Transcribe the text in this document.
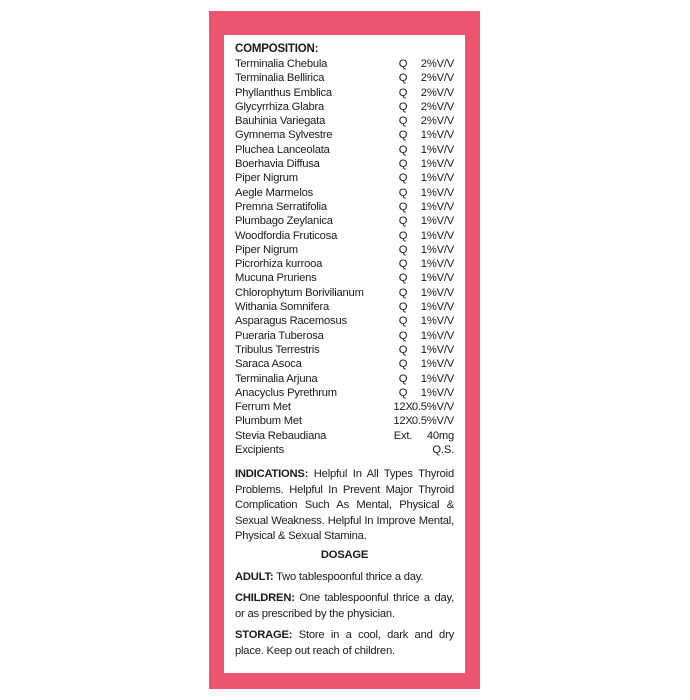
COMPOSITION:
Terminalia Chebula	Q	2%V/V
Terminalia Bellirica	Q	2%V/V
Phyllanthus Emblica	Q	2%V/V
Glycyrrhiza Glabra	Q	2%V/V
Bauhinia Variegata	Q	2%V/V
Gymnema Sylvestre	Q	1%V/V
Pluchea Lanceolata	Q	1%V/V
Boerhavia Diffusa	Q	1%V/V
Piper Nigrum	Q	1%V/V
Aegle Marmelos	Q	1%V/V
Premna Serratifolia	Q	1%V/V
Plumbago Zeylanica	Q	1%V/V
Woodfordia Fruticosa	Q	1%V/V
Piper Nigrum	Q	1%V/V
Picrorhiza kurrooa	Q	1%V/V
Mucuna Pruriens	Q	1%V/V
Chlorophytum Borivilianum	Q	1%V/V
Withania Somnifera	Q	1%V/V
Asparagus Racemosus	Q	1%V/V
Pueraria Tuberosa	Q	1%V/V
Tribulus Terrestris	Q	1%V/V
Saraca Asoca	Q	1%V/V
Terminalia Arjuna	Q	1%V/V
Anacyclus Pyrethrum	Q	1%V/V
Ferrum Met	12X 0.5%V/V
Plumbum Met	12X 0.5%V/V
Stevia Rebaudiana	Ext. 40mg
Excipients	Q.S.
INDICATIONS: Helpful In All Types Thyroid Problems. Helpful In Prevent Major Thyroid Complication Such As Mental, Physical & Sexual Weakness. Helpful In Improve Mental, Physical & Sexual Stamina.
DOSAGE
ADULT: Two tablespoonful thrice a day.
CHILDREN: One tablespoonful thrice a day, or as prescribed by the physician.
STORAGE: Store in a cool, dark and dry place. Keep out reach of children.
